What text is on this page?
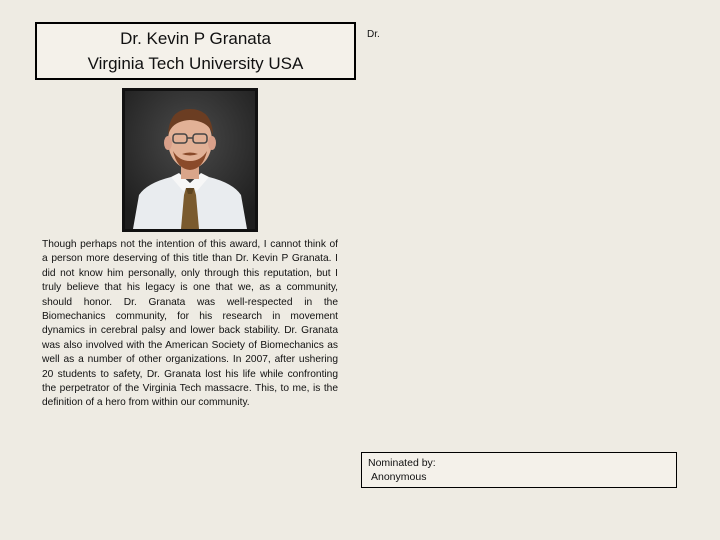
Dr. Kevin P Granata
Virginia Tech University USA
Dr.
Though perhaps not the intention of this award, I cannot think of a person more deserving of this title than Dr. Kevin P Granata. I did not know him personally, only through this reputation, but I truly believe that his legacy is one that we, as a community, should honor. Dr. Granata was well-respected in the Biomechanics community, for his research in movement dynamics in cerebral palsy and lower back stability. Dr. Granata was also involved with the American Society of Biomechanics as well as a number of other organizations. In 2007, after ushering 20 students to safety, Dr. Granata lost his life while confronting the perpetrator of the Virginia Tech massacre. This, to me, is the definition of a hero from within our community.
Nominated by:
Anonymous
